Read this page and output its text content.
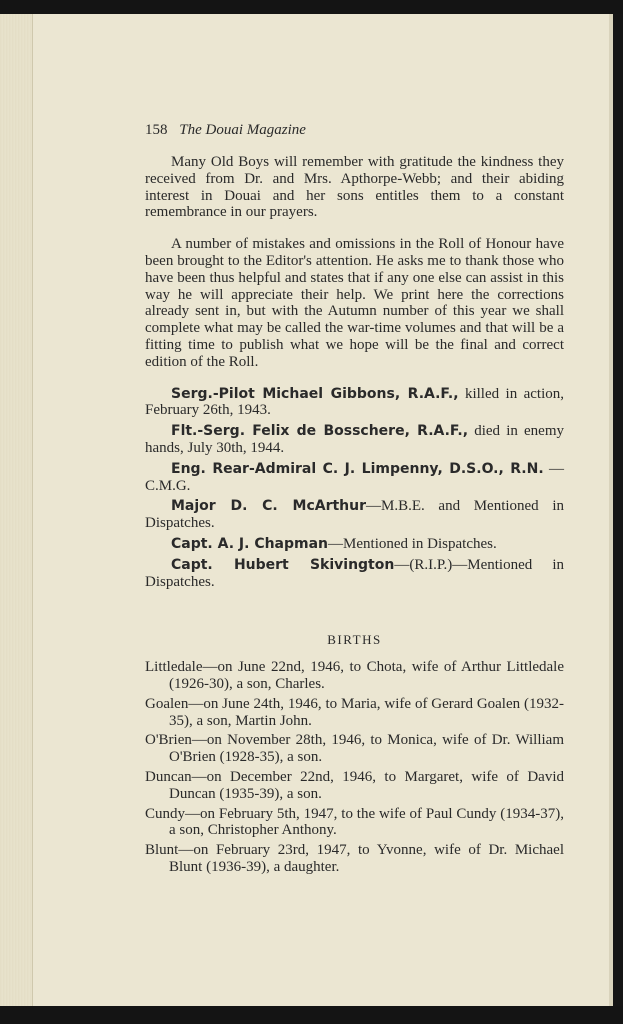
158 The Douai Magazine

Many Old Boys will remember with gratitude the kindness they received from Dr. and Mrs. Apthorpe-Webb; and their abiding interest in Douai and her sons entitles them to a constant remembrance in our prayers.

A number of mistakes and omissions in the Roll of Honour have been brought to the Editor's attention. He asks me to thank those who have been thus helpful and states that if any one else can assist in this way he will appreciate their help. We print here the corrections already sent in, but with the Autumn number of this year we shall complete what may be called the war-time volumes and that will be a fitting time to publish what we hope will be the final and correct edition of the Roll.

Serg.-Pilot Michael Gibbons, R.A.F., killed in action, February 26th, 1943.

Flt.-Serg. Felix de Bosschere, R.A.F., died in enemy hands, July 30th, 1944.

Eng. Rear-Admiral C. J. Limpenny, D.S.O., R.N. —C.M.G.

Major D. C. McArthur—M.B.E. and Mentioned in Dispatches.

Capt. A. J. Chapman—Mentioned in Dispatches.

Capt. Hubert Skivington—(R.I.P.)—Mentioned in Dispatches.

BIRTHS

Littledale—on June 22nd, 1946, to Chota, wife of Arthur Littledale (1926-30), a son, Charles.

Goalen—on June 24th, 1946, to Maria, wife of Gerard Goalen (1932-35), a son, Martin John.

O'Brien—on November 28th, 1946, to Monica, wife of Dr. William O'Brien (1928-35), a son.

Duncan—on December 22nd, 1946, to Margaret, wife of David Duncan (1935-39), a son.

Cundy—on February 5th, 1947, to the wife of Paul Cundy (1934-37), a son, Christopher Anthony.

Blunt—on February 23rd, 1947, to Yvonne, wife of Dr. Michael Blunt (1936-39), a daughter.
